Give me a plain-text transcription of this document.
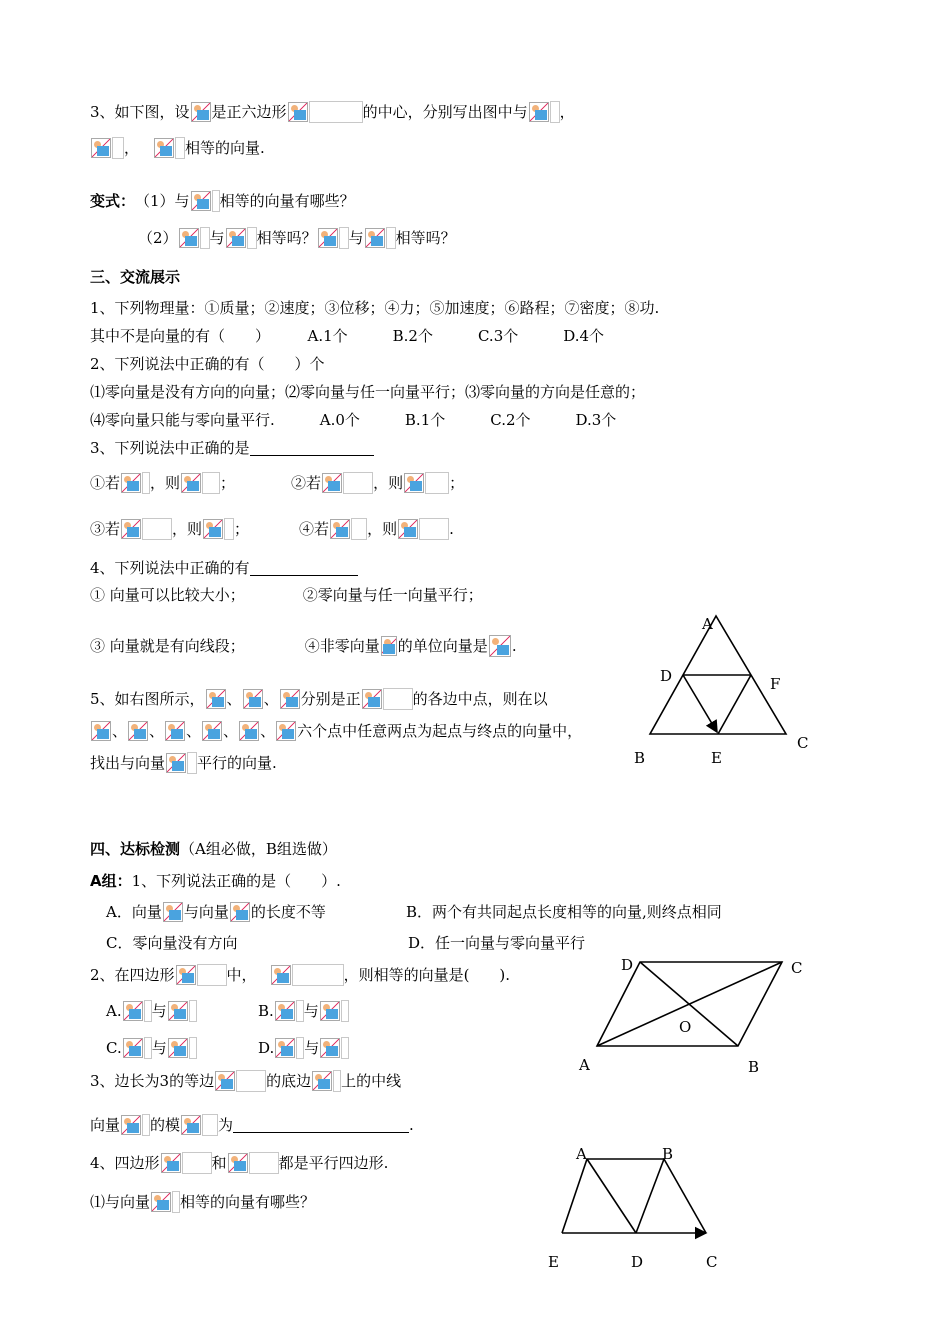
3、如下图，设 是正六边形	的中心，分别写出图中与 ，
，	相等的向量.
变式： （1）与 相等的向量有哪些？
（2） 与 相等吗？ 与 相等吗？
三、交流展示
1、下列物理量：①质量；②速度；③位移；④力；⑤加速度；⑥路程；⑦密度；⑧功.
其中不是向量的有（　　）　　　A.1个　　　B.2个　　　C.3个　　　D.4个
2、下列说法中正确的有（　　）个
⑴零向量是没有方向的向量；⑵零向量与任一向量平行；⑶零向量的方向是任意的；
⑷零向量只能与零向量平行.　　　A.0个　　　B.1个　　　C.2个　　　D.3个
3、下列说法中正确的是
①若 ，则	；	②若	，则	；
③若	，则 ；	④若	，则	.
4、下列说法中正确的有
① 向量可以比较大小；	②零向量与任一向量平行；
③ 向量就是有向线段；	④非零向量 的单位向量是 .
5、如右图所示， 、 、 分别是正	的各边中点，则在以
、 、 、 、 、 六个点中任意两点为起点与终点的向量中，
找出与向量 平行的向量.
A
D	F
B	E
C
四、达标检测 （A组必做，B组选做）
A组： 1、下列说法正确的是（　　）.
A．向量 与向量 的长度不等	B．两个有共同起点长度相等的向量,则终点相同
C．零向量没有方向	D．任一向量与零向量平行
2、在四边形	中，	，则相等的向量是(　　).
A. 与	B. 与
C. 与	D. 与
3、边长为3的等边	的底边 上的中线
向量 的模	为	.
4、四边形	和	都是平行四边形.
⑴与向量 相等的向量有哪些？
D	C
O
A	B
A	B
E	D	C
